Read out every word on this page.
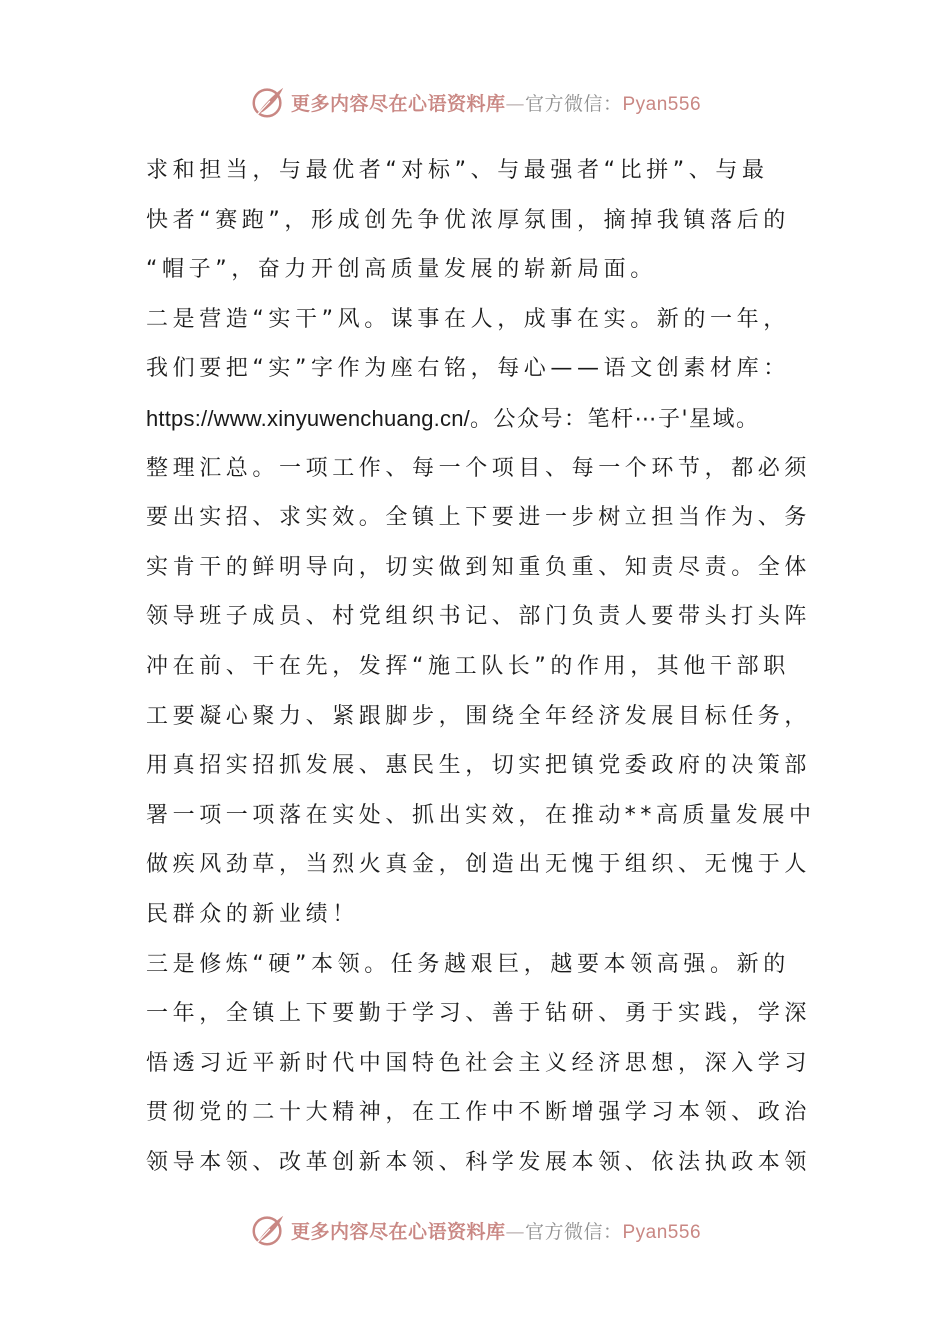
更多内容尽在心语资料库—官方微信：Pyan556
求和担当，与最优者“对标”、与最强者“比拼”、与最
快者“赛跑”，形成创先争优浓厚氛围，摘掉我镇落后的
“帽子”，奋力开创高质量发展的崭新局面。
二是营造“实干”风。谋事在人，成事在实。新的一年，
我们要把“实”字作为座右铭，每心——语文创素材库：
https://www.xinyuwenchuang.cn/。公众号：笔杆⋯子'星域。
整理汇总。一项工作、每一个项目、每一个环节，都必须
要出实招、求实效。全镇上下要进一步树立担当作为、务
实肯干的鲜明导向，切实做到知重负重、知责尽责。全体
领导班子成员、村党组织书记、部门负责人要带头打头阵
冲在前、干在先，发挥“施工队长”的作用，其他干部职
工要凝心聚力、紧跟脚步，围绕全年经济发展目标任务，
用真招实招抓发展、惠民生，切实把镇党委政府的决策部
署一项一项落在实处、抓出实效，在推动**高质量发展中
做疾风劲草，当烈火真金，创造出无愧于组织、无愧于人
民群众的新业绩！
三是修炼“硬”本领。任务越艰巨，越要本领高强。新的
一年，全镇上下要勤于学习、善于钻研、勇于实践，学深
悟透习近平新时代中国特色社会主义经济思想，深入学习
贯彻党的二十大精神，在工作中不断增强学习本领、政治
领导本领、改革创新本领、科学发展本领、依法执政本领
更多内容尽在心语资料库—官方微信：Pyan556
